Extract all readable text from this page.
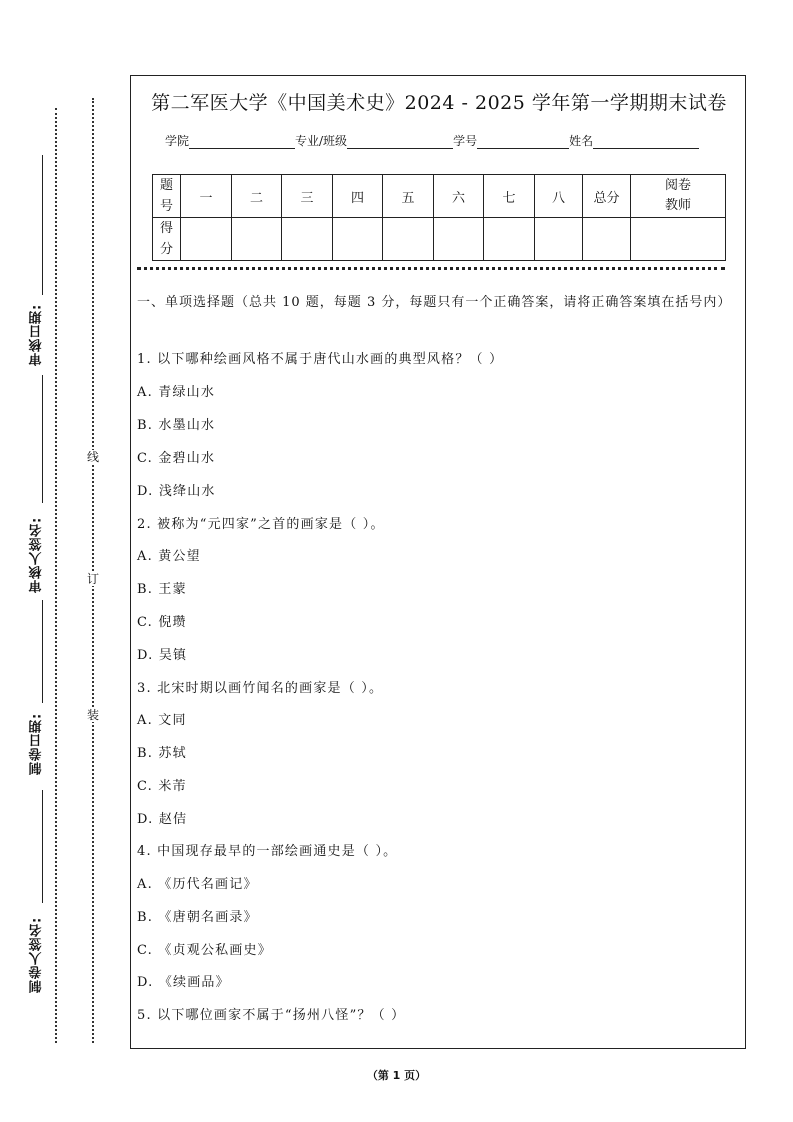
审核日期:
审核人签名:
制卷日期:
制卷人签名:
线
订
装
第二军医大学《中国美术史》2024 - 2025 学年第一学期期末试卷
学院	专业/班级	学号	姓名
题
号	一	二	三	四	五	六	七	八	总分	阅卷
教师
得
分										
一、单项选择题（总共 10 题，每题 3 分，每题只有一个正确答案，请将正确答案填在括号内）
1. 以下哪种绘画风格不属于唐代山水画的典型风格？（ ）
A. 青绿山水
B. 水墨山水
C. 金碧山水
D. 浅绛山水
2. 被称为“元四家”之首的画家是（ ）。
A. 黄公望
B. 王蒙
C. 倪瓒
D. 吴镇
3. 北宋时期以画竹闻名的画家是（ ）。
A. 文同
B. 苏轼
C. 米芾
D. 赵佶
4. 中国现存最早的一部绘画通史是（ ）。
A. 《历代名画记》
B. 《唐朝名画录》
C. 《贞观公私画史》
D. 《续画品》
5. 以下哪位画家不属于“扬州八怪”？（ ）
（第 1 页）
